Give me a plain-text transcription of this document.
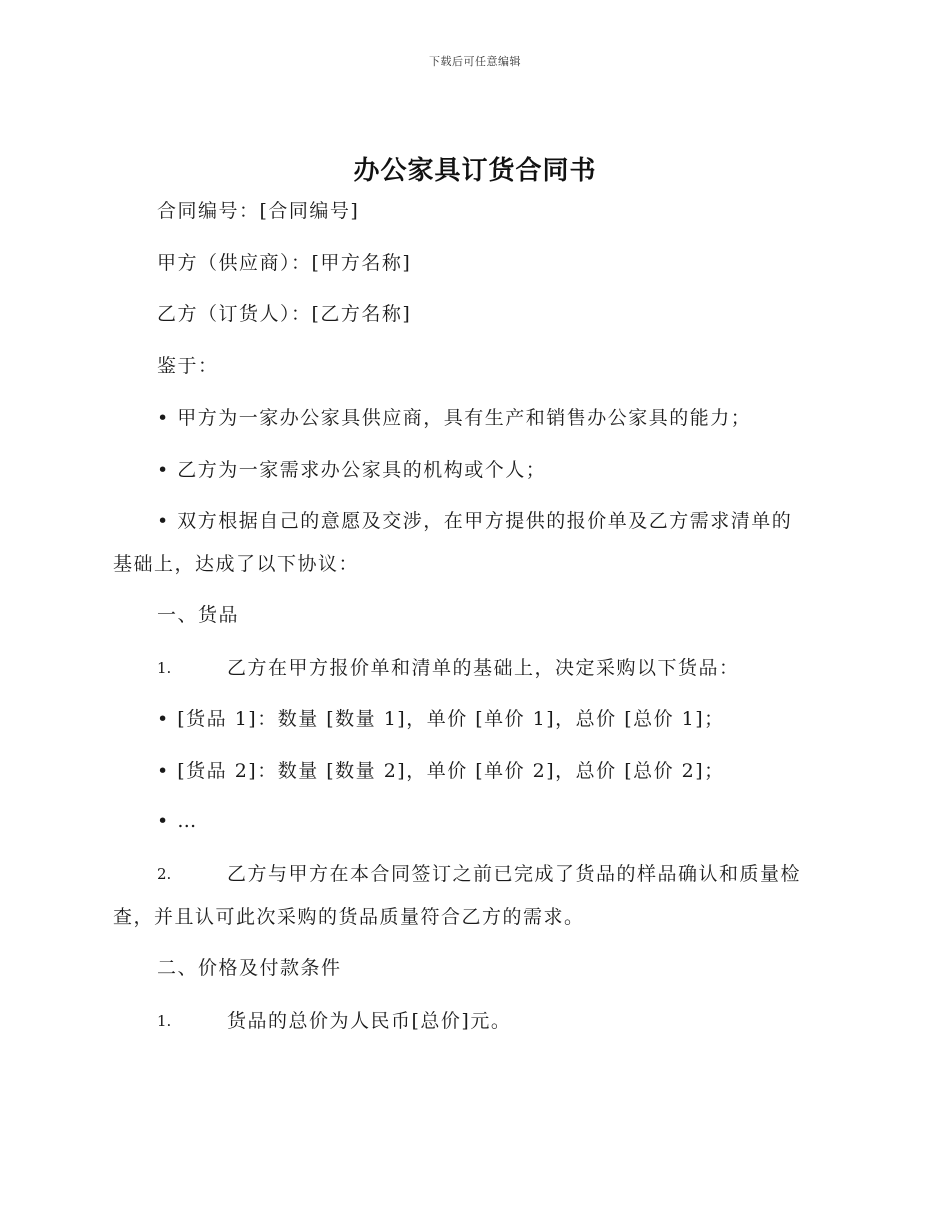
下载后可任意编辑
办公家具订货合同书
合同编号：[合同编号]
甲方（供应商）：[甲方名称]
乙方（订货人）：[乙方名称]
鉴于：
• 甲方为一家办公家具供应商，具有生产和销售办公家具的能力；
• 乙方为一家需求办公家具的机构或个人；
• 双方根据自己的意愿及交涉，在甲方提供的报价单及乙方需求清单的
基础上，达成了以下协议：
一、货品
1.	乙方在甲方报价单和清单的基础上，决定采购以下货品：
• [货品 1]：数量 [数量 1]，单价 [单价 1]，总价 [总价 1]；
• [货品 2]：数量 [数量 2]，单价 [单价 2]，总价 [总价 2]；
• …
2.	乙方与甲方在本合同签订之前已完成了货品的样品确认和质量检
查，并且认可此次采购的货品质量符合乙方的需求。
二、价格及付款条件
1.	货品的总价为人民币[总价]元。
